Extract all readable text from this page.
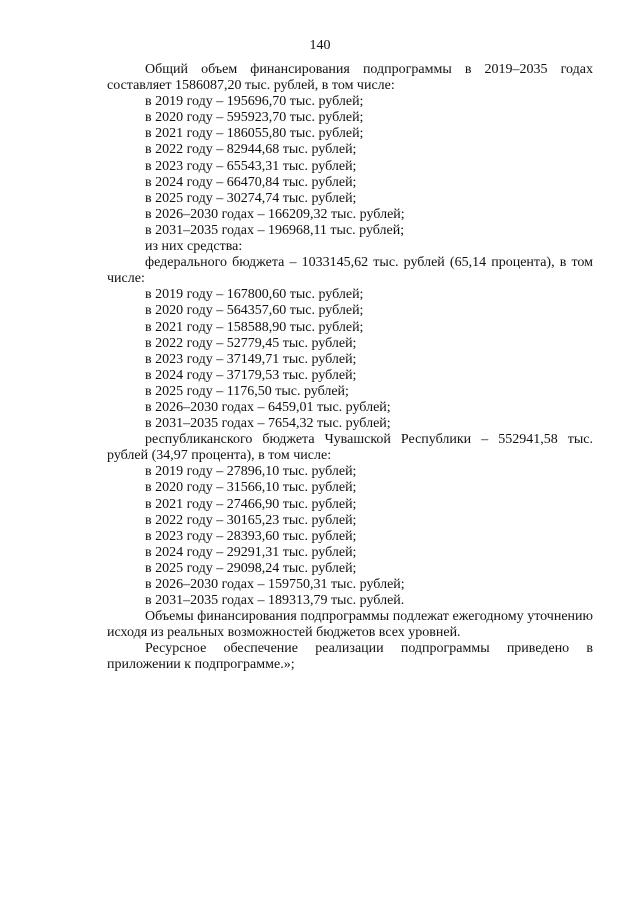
140

Общий объем финансирования подпрограммы в 2019–2035 годах составляет 1586087,20 тыс. рублей, в том числе:

в 2019 году – 195696,70 тыс. рублей;
в 2020 году – 595923,70 тыс. рублей;
в 2021 году – 186055,80 тыс. рублей;
в 2022 году – 82944,68 тыс. рублей;
в 2023 году – 65543,31 тыс. рублей;
в 2024 году – 66470,84 тыс. рублей;
в 2025 году – 30274,74 тыс. рублей;
в 2026–2030 годах – 166209,32 тыс. рублей;
в 2031–2035 годах – 196968,11 тыс. рублей;
из них средства:

федерального бюджета – 1033145,62 тыс. рублей (65,14 процента), в том числе:

в 2019 году – 167800,60 тыс. рублей;
в 2020 году – 564357,60 тыс. рублей;
в 2021 году – 158588,90 тыс. рублей;
в 2022 году – 52779,45 тыс. рублей;
в 2023 году – 37149,71 тыс. рублей;
в 2024 году – 37179,53 тыс. рублей;
в 2025 году – 1176,50 тыс. рублей;
в 2026–2030 годах – 6459,01 тыс. рублей;
в 2031–2035 годах – 7654,32 тыс. рублей;

республиканского бюджета Чувашской Республики – 552941,58 тыс. рублей (34,97 процента), в том числе:

в 2019 году – 27896,10 тыс. рублей;
в 2020 году – 31566,10 тыс. рублей;
в 2021 году – 27466,90 тыс. рублей;
в 2022 году – 30165,23 тыс. рублей;
в 2023 году – 28393,60 тыс. рублей;
в 2024 году – 29291,31 тыс. рублей;
в 2025 году – 29098,24 тыс. рублей;
в 2026–2030 годах – 159750,31 тыс. рублей;
в 2031–2035 годах – 189313,79 тыс. рублей.

Объемы финансирования подпрограммы подлежат ежегодному уточнению исходя из реальных возможностей бюджетов всех уровней.

Ресурсное обеспечение реализации подпрограммы приведено в приложении к подпрограмме.»;
